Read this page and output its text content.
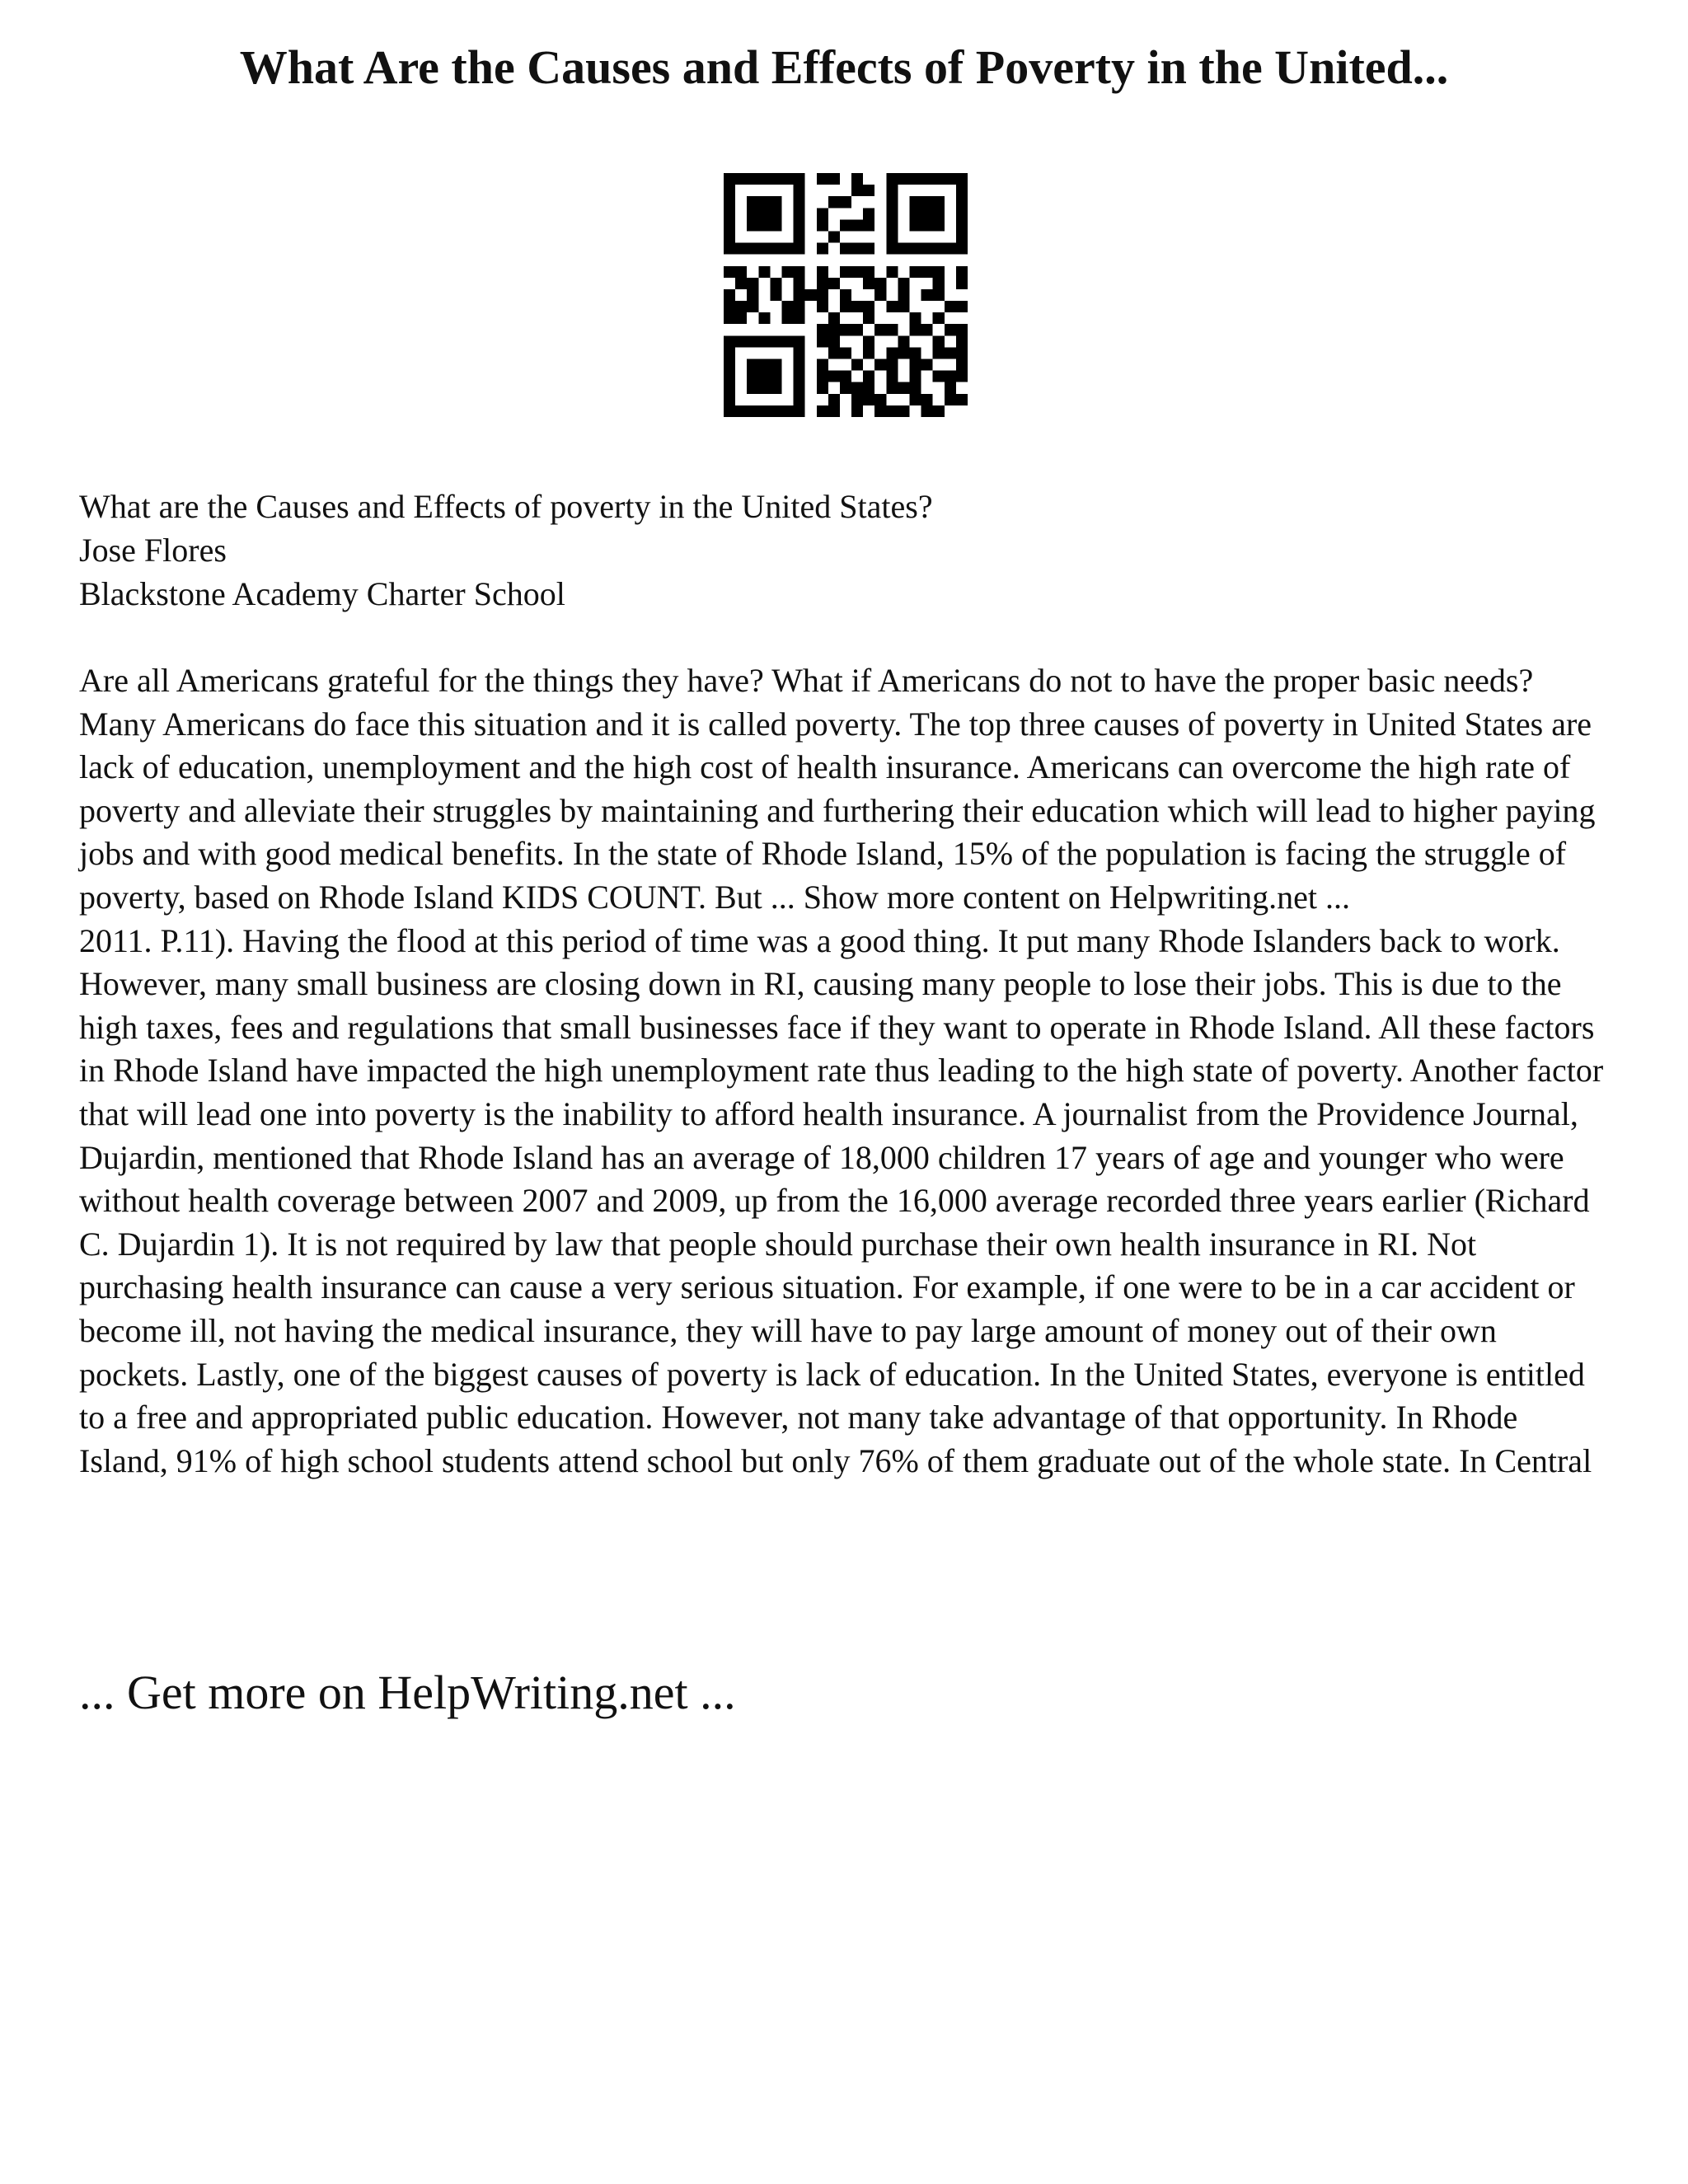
What Are the Causes and Effects of Poverty in the United...
What are the Causes and Effects of poverty in the United States?
Jose Flores
Blackstone Academy Charter School

Are all Americans grateful for the things they have? What if Americans do not to have the proper basic needs? Many Americans do face this situation and it is called poverty. The top three causes of poverty in United States are lack of education, unemployment and the high cost of health insurance. Americans can overcome the high rate of poverty and alleviate their struggles by maintaining and furthering their education which will lead to higher paying jobs and with good medical benefits. In the state of Rhode Island, 15% of the population is facing the struggle of poverty, based on Rhode Island KIDS COUNT. But ... Show more content on Helpwriting.net ...

2011. P.11). Having the flood at this period of time was a good thing. It put many Rhode Islanders back to work. However, many small business are closing down in RI, causing many people to lose their jobs. This is due to the high taxes, fees and regulations that small businesses face if they want to operate in Rhode Island. All these factors in Rhode Island have impacted the high unemployment rate thus leading to the high state of poverty. Another factor that will lead one into poverty is the inability to afford health insurance. A journalist from the Providence Journal, Dujardin, mentioned that Rhode Island has an average of 18,000 children 17 years of age and younger who were without health coverage between 2007 and 2009, up from the 16,000 average recorded three years earlier (Richard C. Dujardin 1). It is not required by law that people should purchase their own health insurance in RI. Not purchasing health insurance can cause a very serious situation. For example, if one were to be in a car accident or become ill, not having the medical insurance, they will have to pay large amount of money out of their own pockets. Lastly, one of the biggest causes of poverty is lack of education. In the United States, everyone is entitled to a free and appropriated public education. However, not many take advantage of that opportunity. In Rhode Island, 91% of high school students attend school but only 76% of them graduate out of the whole state. In Central

... Get more on HelpWriting.net ...
